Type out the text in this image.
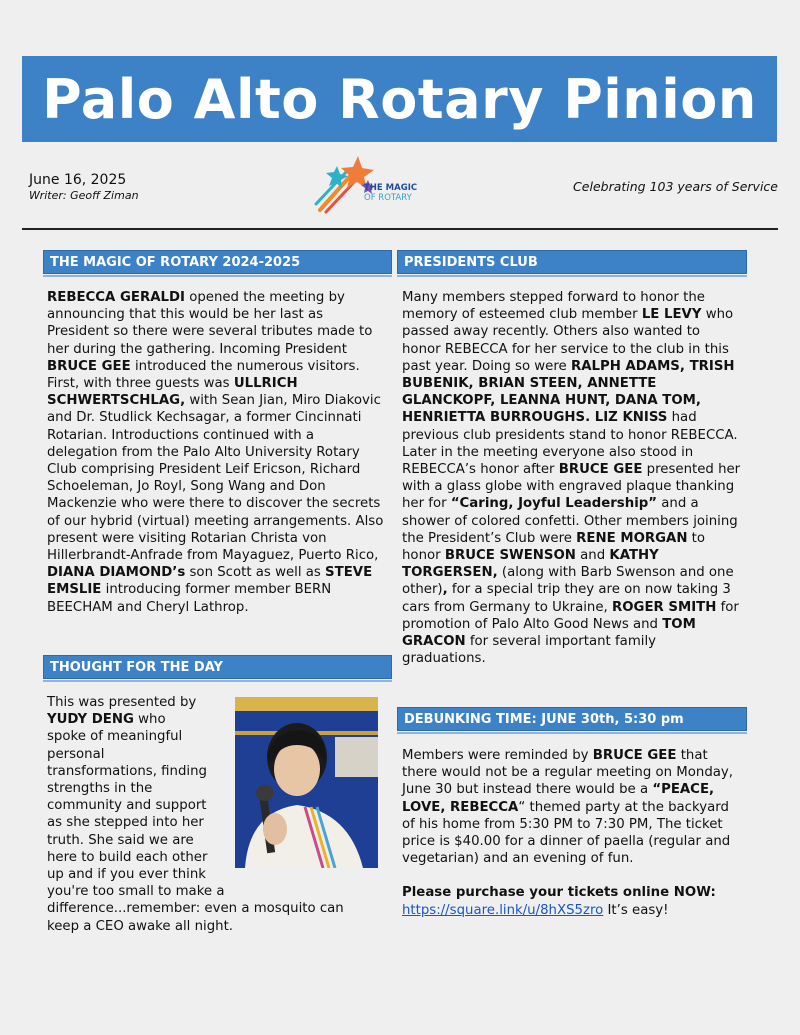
Palo Alto Rotary Pinion
June 16, 2025
Writer: Geoff Ziman
THE MAGIC
OF ROTARY
Celebrating 103 years of Service
THE MAGIC OF ROTARY 2024-2025

REBECCA GERALDI opened the meeting by announcing that this would be her last as President so there were several tributes made to her during the gathering. Incoming President BRUCE GEE introduced the numerous visitors. First, with three guests was ULLRICH SCHWERTSCHLAG, with Sean Jian, Miro Diakovic and Dr. Studlick Kechsagar, a former Cincinnati Rotarian. Introductions continued with a delegation from the Palo Alto University Rotary Club comprising President Leif Ericson, Richard Schoeleman, Jo Royl, Song Wang and Don Mackenzie who were there to discover the secrets of our hybrid (virtual) meeting arrangements. Also present were visiting Rotarian Christa von Hillerbrandt-Anfrade from Mayaguez, Puerto Rico, DIANA DIAMOND’s son Scott as well as STEVE EMSLIE introducing former member BERN BEECHAM and Cheryl Lathrop.

THOUGHT FOR THE DAY

This was presented by

YUDY DENG who

spoke of meaningful

personal

transformations, finding

strengths in the

community and support

as she stepped into her

truth. She said we are

here to build each other

up and if you ever think

you're too small to make a

difference...remember: even a mosquito can

keep a CEO awake all night.

PRESIDENTS CLUB

Many members stepped forward to honor the memory of esteemed club member LE LEVY who passed away recently. Others also wanted to honor REBECCA for her service to the club in this past year. Doing so were RALPH ADAMS, TRISH BUBENIK, BRIAN STEEN, ANNETTE GLANCKOPF, LEANNA HUNT, DANA TOM, HENRIETTA BURROUGHS. LIZ KNISS had previous club presidents stand to honor REBECCA. Later in the meeting everyone also stood in REBECCA’s honor after BRUCE GEE presented her with a glass globe with engraved plaque thanking her for “Caring, Joyful Leadership” and a shower of colored confetti. Other members joining the President’s Club were RENE MORGAN to honor BRUCE SWENSON and KATHY TORGERSEN, (along with Barb Swenson and one other), for a special trip they are on now taking 3 cars from Germany to Ukraine, ROGER SMITH for promotion of Palo Alto Good News and TOM GRACON for several important family graduations.

DEBUNKING TIME: JUNE 30th, 5:30 pm

Members were reminded by BRUCE GEE that there would not be a regular meeting on Monday, June 30 but instead there would be a “PEACE, LOVE, REBECCA“ themed party at the backyard of his home from 5:30 PM to 7:30 PM, The ticket price is $40.00 for a dinner of paella (regular and vegetarian) and an evening of fun.

Please purchase your tickets online NOW:

https://square.link/u/8hXS5zro It’s easy!
